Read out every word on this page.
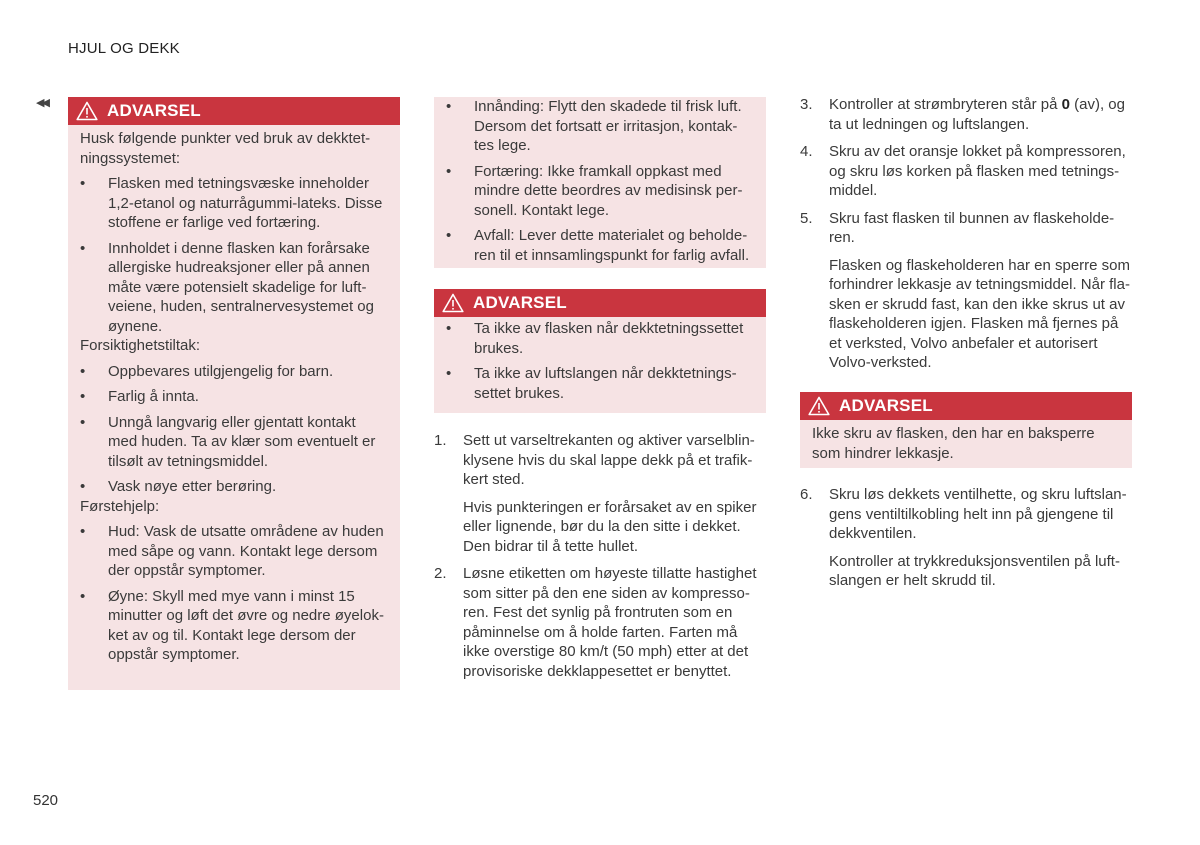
HJUL OG DEKK
◀◀	ADVARSEL

Husk følgende punkter ved bruk av dekktet-ningssystemet:

• Flasken med tetningsvæske inneholder 1,2-etanol og naturrågummi-lateks. Disse stoffene er farlige ved fortæring.
• Innholdet i denne flasken kan forårsake allergiske hudreaksjoner eller på annen måte være potensielt skadelige for luft-veiene, huden, sentralnervesystemet og øynene.

Forsiktighetstiltak:

• Oppbevares utilgjengelig for barn.
• Farlig å innta.
• Unngå langvarig eller gjentatt kontakt med huden. Ta av klær som eventuelt er tilsølt av tetningsmiddel.
• Vask nøye etter berøring.

Førstehjelp:

• Hud: Vask de utsatte områdene av huden med såpe og vann. Kontakt lege dersom der oppstår symptomer.
• Øyne: Skyll med mye vann i minst 15 minutter og løft det øvre og nedre øyelok-ket av og til. Kontakt lege dersom der oppstår symptomer.
• Innånding: Flytt den skadede til frisk luft. Dersom det fortsatt er irritasjon, kontak-tes lege.
• Fortæring: Ikke framkall oppkast med mindre dette beordres av medisinsk per-sonell. Kontakt lege.
• Avfall: Lever dette materialet og beholde-ren til et innsamlingspunkt for farlig avfall.
ADVARSEL
• Ta ikke av flasken når dekktetningssettet brukes.
• Ta ikke av luftslangen når dekktetnings-settet brukes.
1. Sett ut varseltrekanten og aktiver varselblin-klysene hvis du skal lappe dekk på et trafik-kert sted.

Hvis punkteringen er forårsaket av en spiker eller lignende, bør du la den sitte i dekket. Den bidrar til å tette hullet.

2. Løsne etiketten om høyeste tillatte hastighet som sitter på den ene siden av kompresso-ren. Fest det synlig på frontruten som en påminnelse om å holde farten. Farten må ikke overstige 80 km/t (50 mph) etter at det provisoriske dekklappesettet er benyttet.

3. Kontroller at strømbryteren står på 0 (av), og ta ut ledningen og luftslangen.

4. Skru av det oransje lokket på kompressoren, og skru løs korken på flasken med tetnings-middel.

5. Skru fast flasken til bunnen av flaskeholde-ren.

Flasken og flaskeholderen har en sperre som forhindrer lekkasje av tetningsmiddel. Når fla-sken er skrudd fast, kan den ikke skrus ut av flaskeholderen igjen. Flasken må fjernes på et verksted, Volvo anbefaler et autorisert Volvo-verksted.

ADVARSEL

Ikke skru av flasken, den har en baksperre som hindrer lekkasje.

6. Skru løs dekkets ventilhette, og skru luftslan-gens ventiltilkobling helt inn på gjengene til dekkventilen.

Kontroller at trykkreduksjonsventilen på luft-slangen er helt skrudd til.

520
